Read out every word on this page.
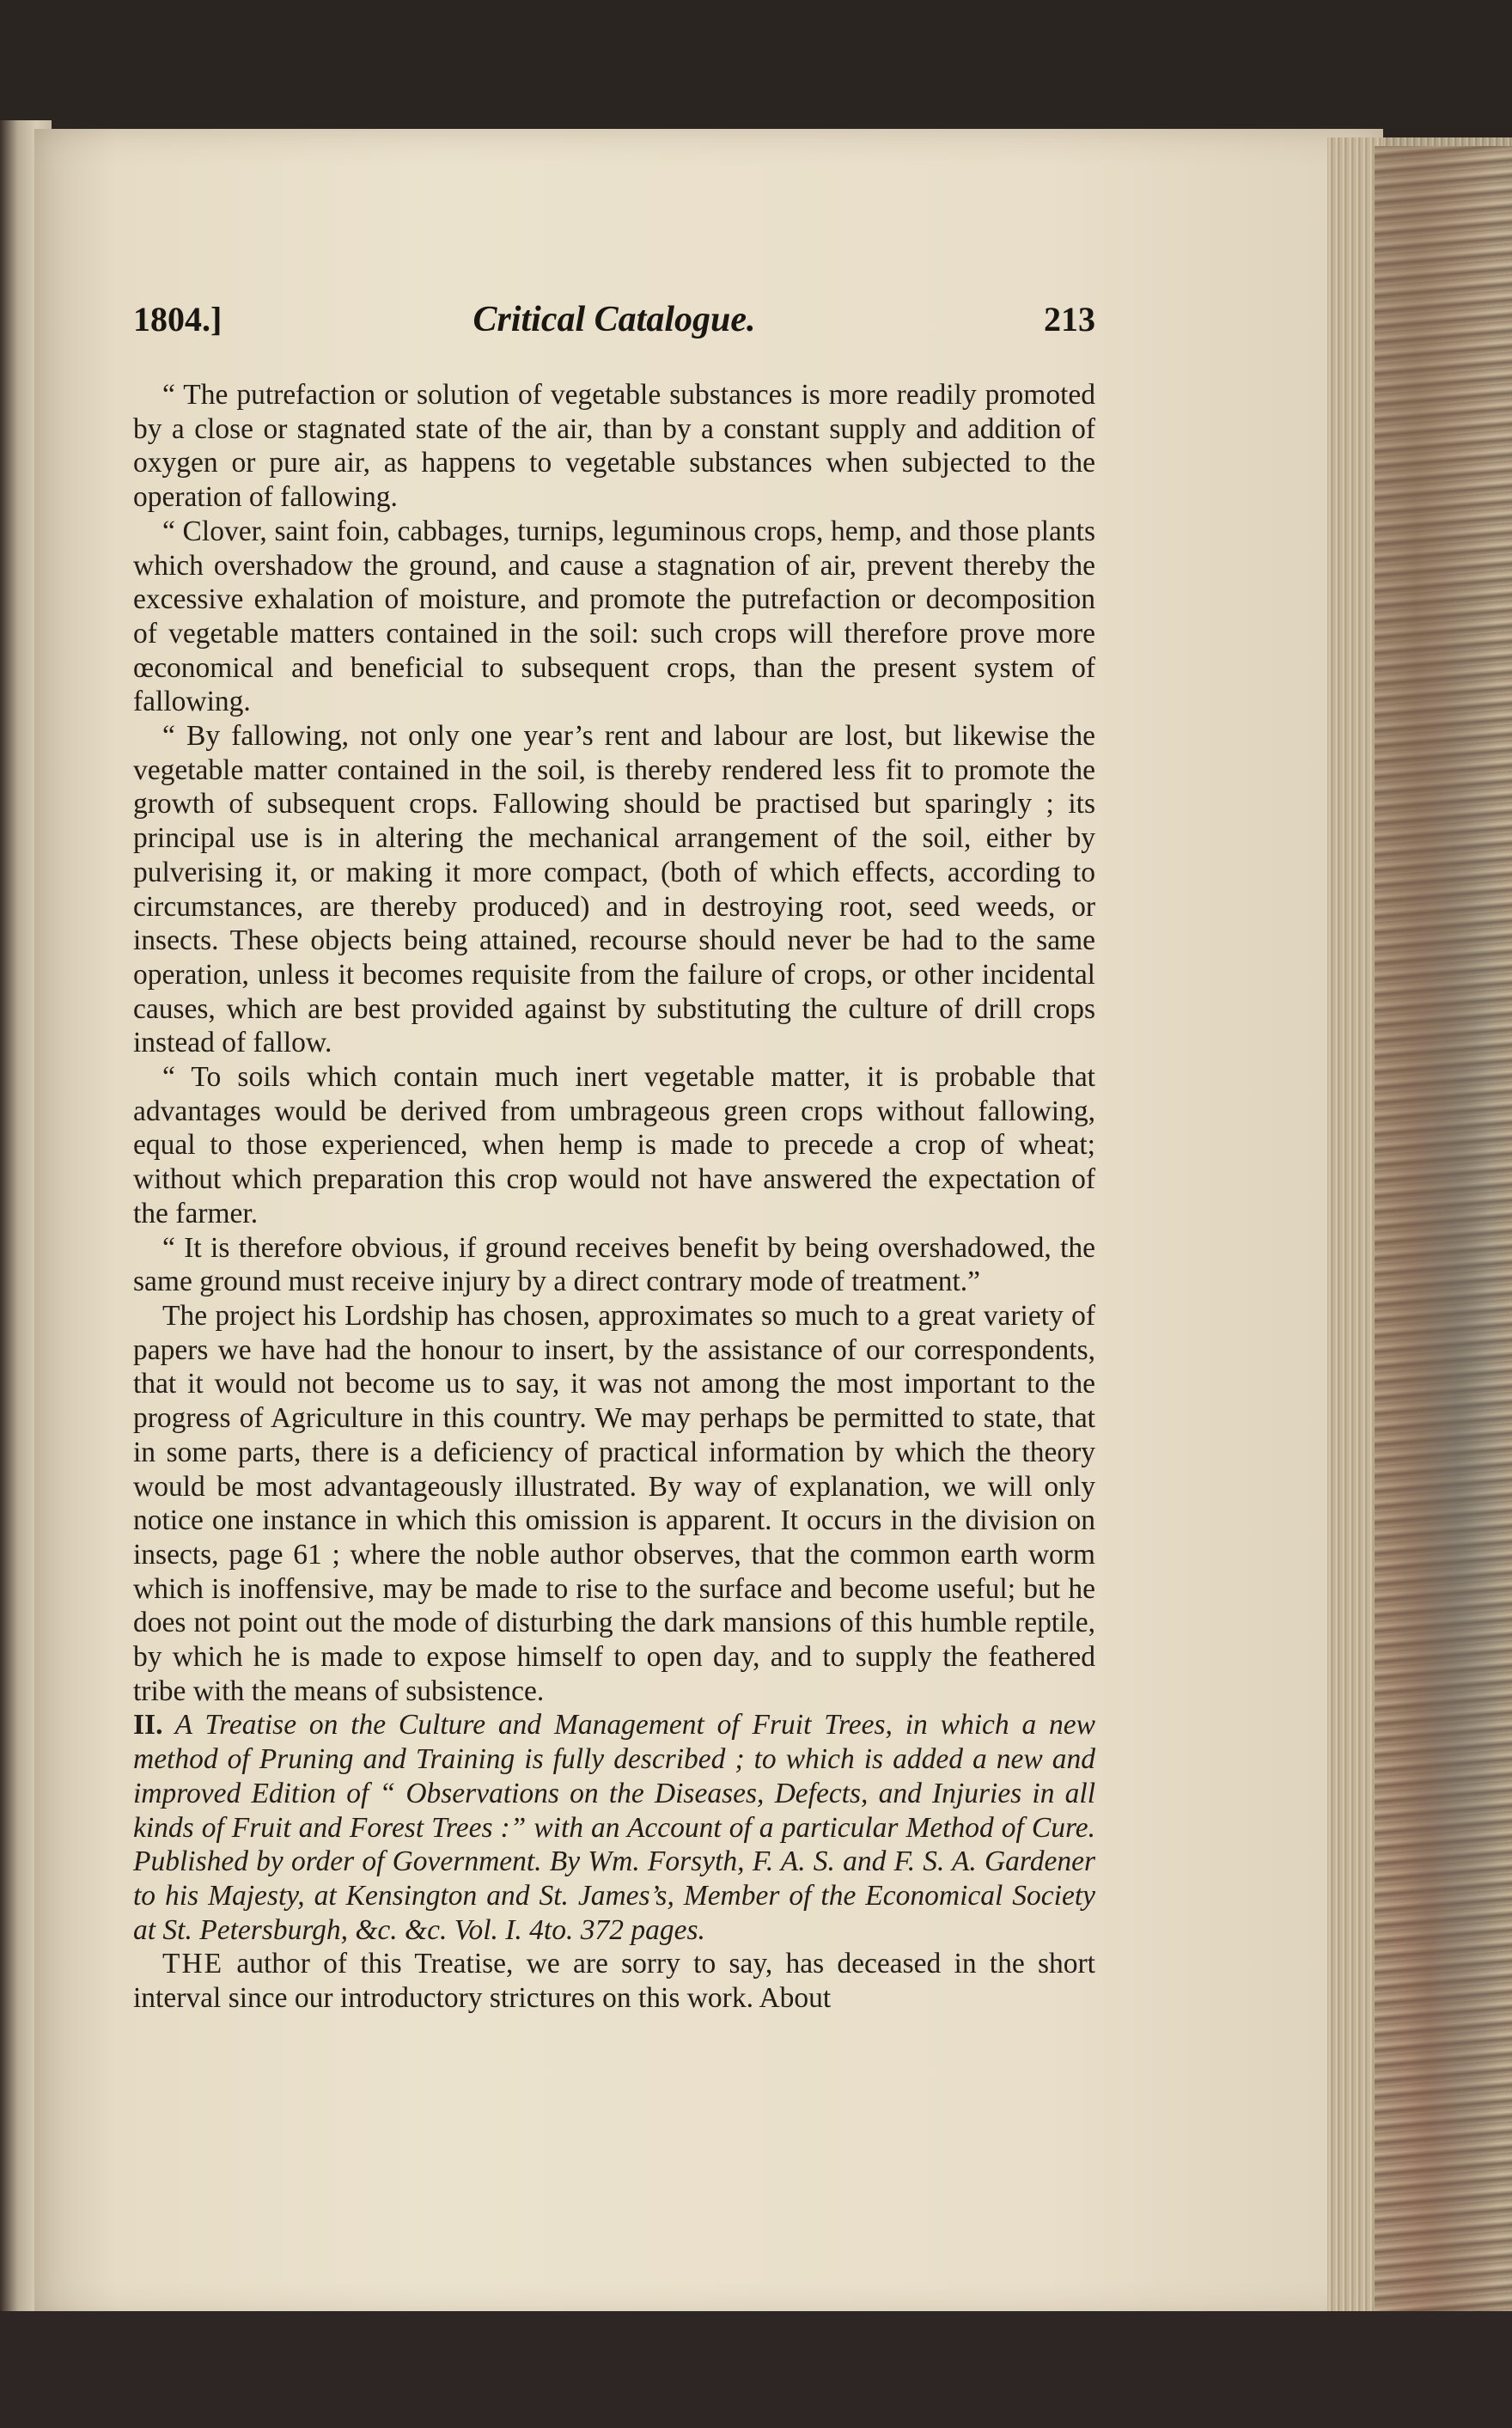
1804.]	Critical Catalogue.	213

“ The putrefaction or solution of vegetable substances is more readily promoted by a close or stagnated state of the air, than by a constant supply and addition of oxygen or pure air, as happens to vegetable substances when subjected to the operation of fallowing.

“ Clover, saint foin, cabbages, turnips, leguminous crops, hemp, and those plants which overshadow the ground, and cause a stagnation of air, prevent thereby the excessive exhalation of moisture, and promote the putrefaction or decomposition of vegetable matters contained in the soil: such crops will therefore prove more œconomical and beneficial to subsequent crops, than the present system of fallowing.

“ By fallowing, not only one year’s rent and labour are lost, but likewise the vegetable matter contained in the soil, is thereby rendered less fit to promote the growth of subsequent crops. Fallowing should be practised but sparingly ; its principal use is in altering the mechanical arrangement of the soil, either by pulverising it, or making it more compact, (both of which effects, according to circumstances, are thereby produced) and in destroying root, seed weeds, or insects. These objects being attained, recourse should never be had to the same operation, unless it becomes requisite from the failure of crops, or other incidental causes, which are best provided against by substituting the culture of drill crops instead of fallow.

“ To soils which contain much inert vegetable matter, it is probable that advantages would be derived from umbrageous green crops without fallowing, equal to those experienced, when hemp is made to precede a crop of wheat; without which preparation this crop would not have answered the expectation of the farmer.

“ It is therefore obvious, if ground receives benefit by being overshadowed, the same ground must receive injury by a direct contrary mode of treatment.”

The project his Lordship has chosen, approximates so much to a great variety of papers we have had the honour to insert, by the assistance of our correspondents, that it would not become us to say, it was not among the most important to the progress of Agriculture in this country. We may perhaps be permitted to state, that in some parts, there is a deficiency of practical information by which the theory would be most advantageously illustrated. By way of explanation, we will only notice one instance in which this omission is apparent. It occurs in the division on insects, page 61 ; where the noble author observes, that the common earth worm which is inoffensive, may be made to rise to the surface and become useful; but he does not point out the mode of disturbing the dark mansions of this humble reptile, by which he is made to expose himself to open day, and to supply the feathered tribe with the means of subsistence.

II. A Treatise on the Culture and Management of Fruit Trees, in which a new method of Pruning and Training is fully described ; to which is added a new and improved Edition of “ Observations on the Diseases, Defects, and Injuries in all kinds of Fruit and Forest Trees :” with an Account of a particular Method of Cure. Published by order of Government. By Wm. Forsyth, F. A. S. and F. S. A. Gardener to his Majesty, at Kensington and St. James’s, Member of the Economical Society at St. Petersburgh, &c. &c. Vol. I. 4to. 372 pages.

THE author of this Treatise, we are sorry to say, has deceased in the short interval since our introductory strictures on this work. About
